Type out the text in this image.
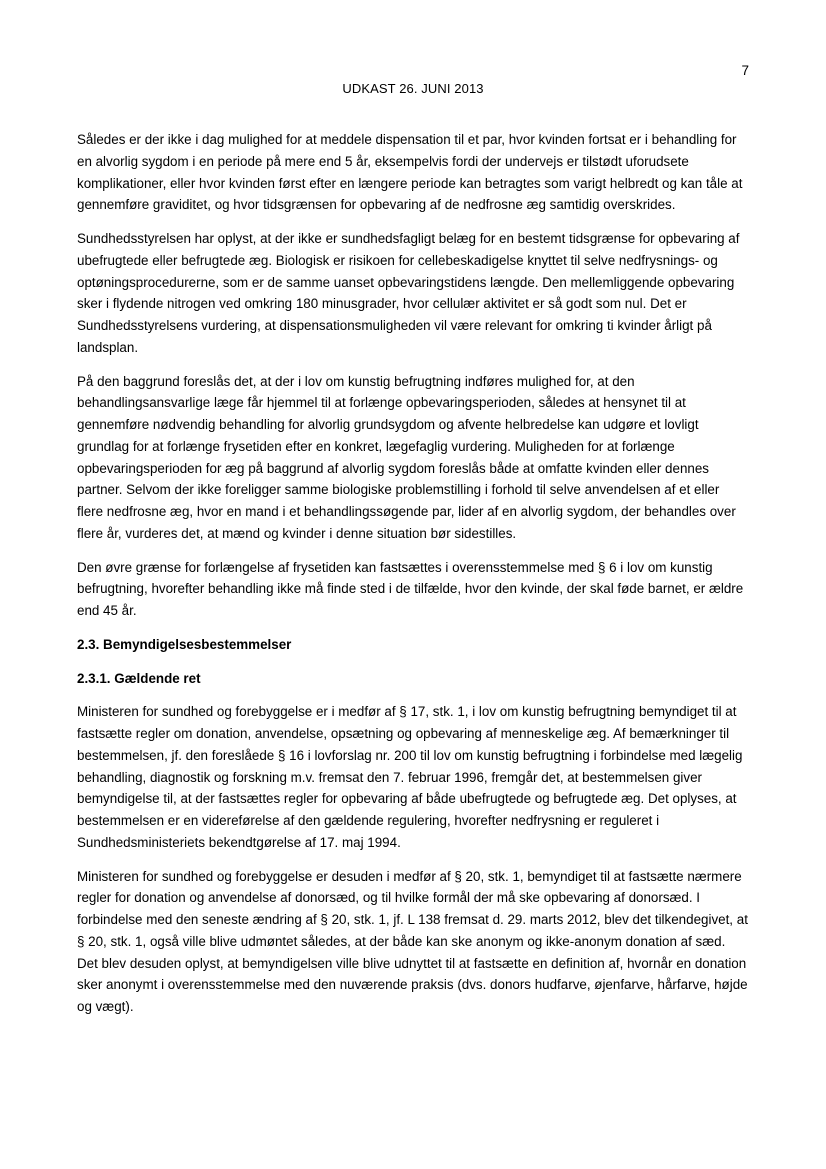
7
UDKAST 26. JUNI 2013

Således er der ikke i dag mulighed for at meddele dispensation til et par, hvor kvinden fortsat er i behandling for en alvorlig sygdom i en periode på mere end 5 år, eksempelvis fordi der undervejs er tilstødt uforudsete komplikationer, eller hvor kvinden først efter en længere periode kan betragtes som varigt helbredt og kan tåle at gennemføre graviditet, og hvor tidsgrænsen for opbevaring af de nedfrosne æg samtidig overskrides.

Sundhedsstyrelsen har oplyst, at der ikke er sundhedsfagligt belæg for en bestemt tidsgrænse for opbevaring af ubefrugtede eller befrugtede æg. Biologisk er risikoen for cellebeskadigelse knyttet til selve nedfrysnings- og optøningsprocedurerne, som er de samme uanset opbevaringstidens længde. Den mellemliggende opbevaring sker i flydende nitrogen ved omkring 180 minusgrader, hvor cellulær aktivitet er så godt som nul. Det er Sundhedsstyrelsens vurdering, at dispensationsmuligheden vil være relevant for omkring ti kvinder årligt på landsplan.

På den baggrund foreslås det, at der i lov om kunstig befrugtning indføres mulighed for, at den behandlingsansvarlige læge får hjemmel til at forlænge opbevaringsperioden, således at hensynet til at gennemføre nødvendig behandling for alvorlig grundsygdom og afvente helbredelse kan udgøre et lovligt grundlag for at forlænge frysetiden efter en konkret, lægefaglig vurdering. Muligheden for at forlænge opbevaringsperioden for æg på baggrund af alvorlig sygdom foreslås både at omfatte kvinden eller dennes partner. Selvom der ikke foreligger samme biologiske problemstilling i forhold til selve anvendelsen af et eller flere nedfrosne æg, hvor en mand i et behandlingssøgende par, lider af en alvorlig sygdom, der behandles over flere år, vurderes det, at mænd og kvinder i denne situation bør sidestilles.

Den øvre grænse for forlængelse af frysetiden kan fastsættes i overensstemmelse med § 6 i lov om kunstig befrugtning, hvorefter behandling ikke må finde sted i de tilfælde, hvor den kvinde, der skal føde barnet, er ældre end 45 år.

2.3. Bemyndigelsesbestemmelser
2.3.1. Gældende ret

Ministeren for sundhed og forebyggelse er i medfør af § 17, stk. 1, i lov om kunstig befrugtning bemyndiget til at fastsætte regler om donation, anvendelse, opsætning og opbevaring af menneskelige æg. Af bemærkninger til bestemmelsen, jf. den foreslåede § 16 i lovforslag nr. 200 til lov om kunstig befrugtning i forbindelse med lægelig behandling, diagnostik og forskning m.v. fremsat den 7. februar 1996, fremgår det, at bestemmelsen giver bemyndigelse til, at der fastsættes regler for opbevaring af både ubefrugtede og befrugtede æg. Det oplyses, at bestemmelsen er en videreførelse af den gældende regulering, hvorefter nedfrysning er reguleret i Sundhedsministeriets bekendtgørelse af 17. maj 1994.

Ministeren for sundhed og forebyggelse er desuden i medfør af § 20, stk. 1, bemyndiget til at fastsætte nærmere regler for donation og anvendelse af donorsæd, og til hvilke formål der må ske opbevaring af donorsæd. I forbindelse med den seneste ændring af § 20, stk. 1, jf. L 138 fremsat d. 29. marts 2012, blev det tilkendegivet, at § 20, stk. 1, også ville blive udmøntet således, at der både kan ske anonym og ikke-anonym donation af sæd. Det blev desuden oplyst, at bemyndigelsen ville blive udnyttet til at fastsætte en definition af, hvornår en donation sker anonymt i overensstemmelse med den nuværende praksis (dvs. donors hudfarve, øjenfarve, hårfarve, højde og vægt).
